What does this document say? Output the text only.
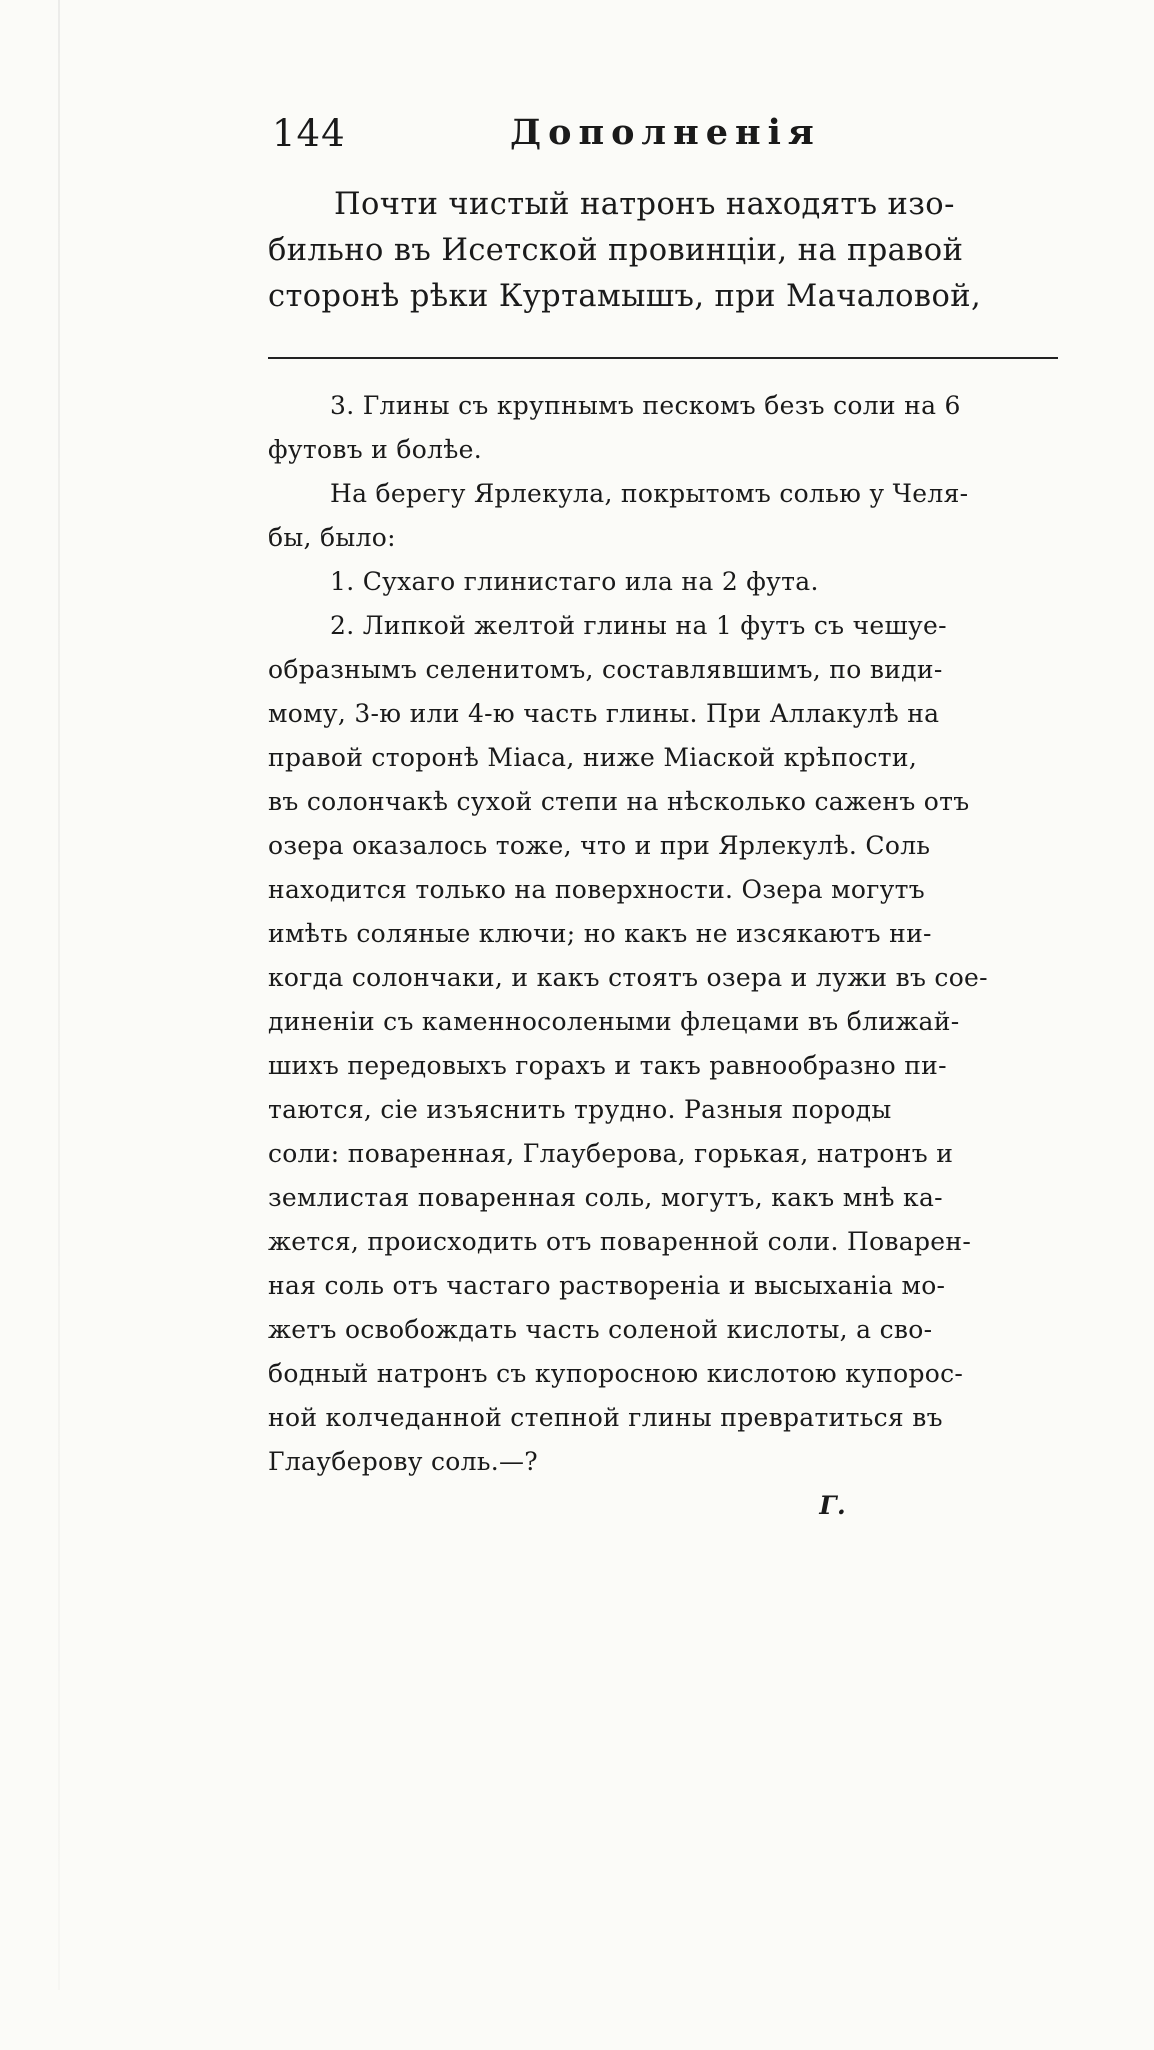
144	Дополненія
Почти чистый натронъ находятъ изо-
бильно въ Исетской провинціи, на правой
сторонѣ рѣки Куртамышъ, при Мачаловой,
3. Глины съ крупнымъ пескомъ безъ соли на 6
футовъ и болѣе.
На берегу Ярлекула, покрытомъ солью у Челя-
бы, было:
1. Сухаго глинистаго ила на 2 фута.
2. Липкой желтой глины на 1 футъ съ чешуе-
образнымъ селенитомъ, составлявшимъ, по види-
мому, 3-ю или 4-ю часть глины. При Аллакулѣ на
правой сторонѣ Міаса, ниже Міаской крѣпости,
въ солончакѣ сухой степи на нѣсколько саженъ отъ
озера оказалось тоже, что и при Ярлекулѣ. Соль
находится только на поверхности. Озера могутъ
имѣть соляные ключи; но какъ не изсякаютъ ни-
когда солончаки, и какъ стоятъ озера и лужи въ сое-
диненіи съ каменносолеными флецами въ ближай-
шихъ передовыхъ горахъ и такъ равнообразно пи-
таются, сіе изъяснить трудно. Разныя породы
соли: поваренная, Глауберова, горькая, натронъ и
землистая поваренная соль, могутъ, какъ мнѣ ка-
жется, происходить отъ поваренной соли. Поварен-
ная соль отъ частаго раствореніа и высыханіа мо-
жетъ освобождать часть соленой кислоты, а сво-
бодный натронъ съ купоросною кислотою купорос-
ной колчеданной степной глины превратиться въ
Глауберову соль.—?
Г.
